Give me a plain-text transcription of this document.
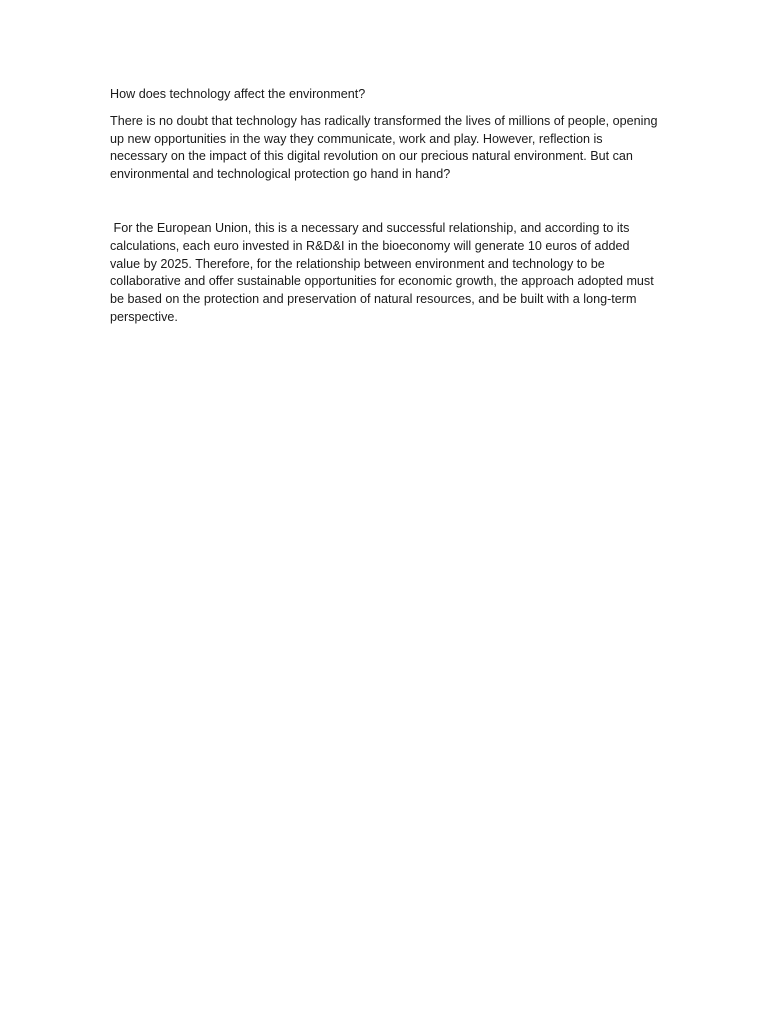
How does technology affect the environment?

There is no doubt that technology has radically transformed the lives of millions of people, opening up new opportunities in the way they communicate, work and play. However, reflection is necessary on the impact of this digital revolution on our precious natural environment. But can environmental and technological protection go hand in hand?

For the European Union, this is a necessary and successful relationship, and according to its calculations, each euro invested in R&D&I in the bioeconomy will generate 10 euros of added value by 2025. Therefore, for the relationship between environment and technology to be collaborative and offer sustainable opportunities for economic growth, the approach adopted must be based on the protection and preservation of natural resources, and be built with a long-term perspective.
